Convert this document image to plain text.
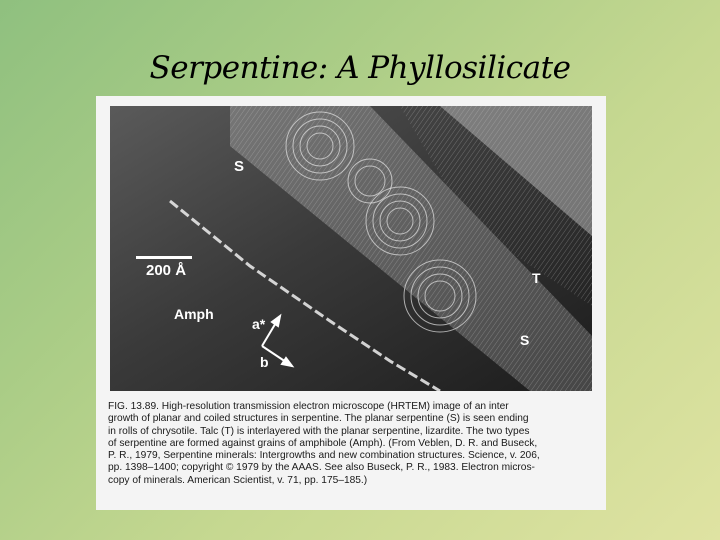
Serpentine: A Phyllosilicate
S
200 Å
Amph
a*
b
T
S
FIG. 13.89. High-resolution transmission electron microscope (HRTEM) image of an inter
growth of planar and coiled structures in serpentine. The planar serpentine (S) is seen ending
in rolls of chrysotile. Talc (T) is interlayered with the planar serpentine, lizardite. The two types
of serpentine are formed against grains of amphibole (Amph). (From Veblen, D. R. and Buseck,
P. R., 1979, Serpentine minerals: Intergrowths and new combination structures. Science, v. 206,
pp. 1398–1400; copyright © 1979 by the AAAS. See also Buseck, P. R., 1983. Electron micros-
copy of minerals. American Scientist, v. 71, pp. 175–185.)
